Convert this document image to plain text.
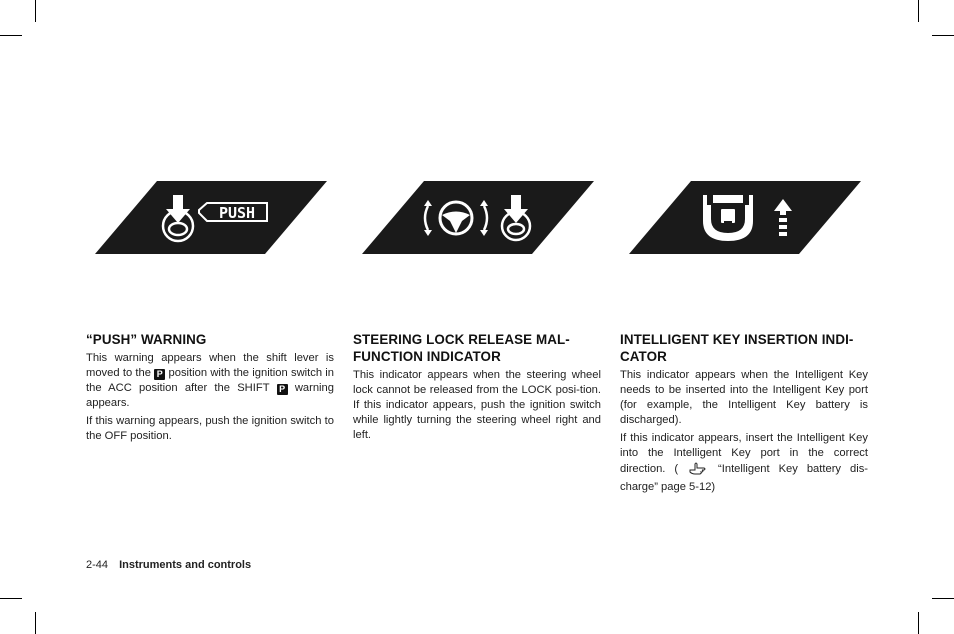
PUSH
“PUSH” WARNING

This warning appears when the shift lever is moved to the P position with the ignition switch in the ACC position after the SHIFT P warning appears.

If this warning appears, push the ignition switch to the OFF position.

STEERING LOCK RELEASE MAL-FUNCTION INDICATOR

This indicator appears when the steering wheel lock cannot be released from the LOCK posi-tion. If this indicator appears, push the ignition switch while lightly turning the steering wheel right and left.

INTELLIGENT KEY INSERTION INDI-CATOR

This indicator appears when the Intelligent Key needs to be inserted into the Intelligent Key port (for example, the Intelligent Key battery is discharged).

If this indicator appears, insert the Intelligent Key into the Intelligent Key port in the correct direction. (	“Intelligent Key battery dis-charge” page 5-12)

2-44 Instruments and controls
